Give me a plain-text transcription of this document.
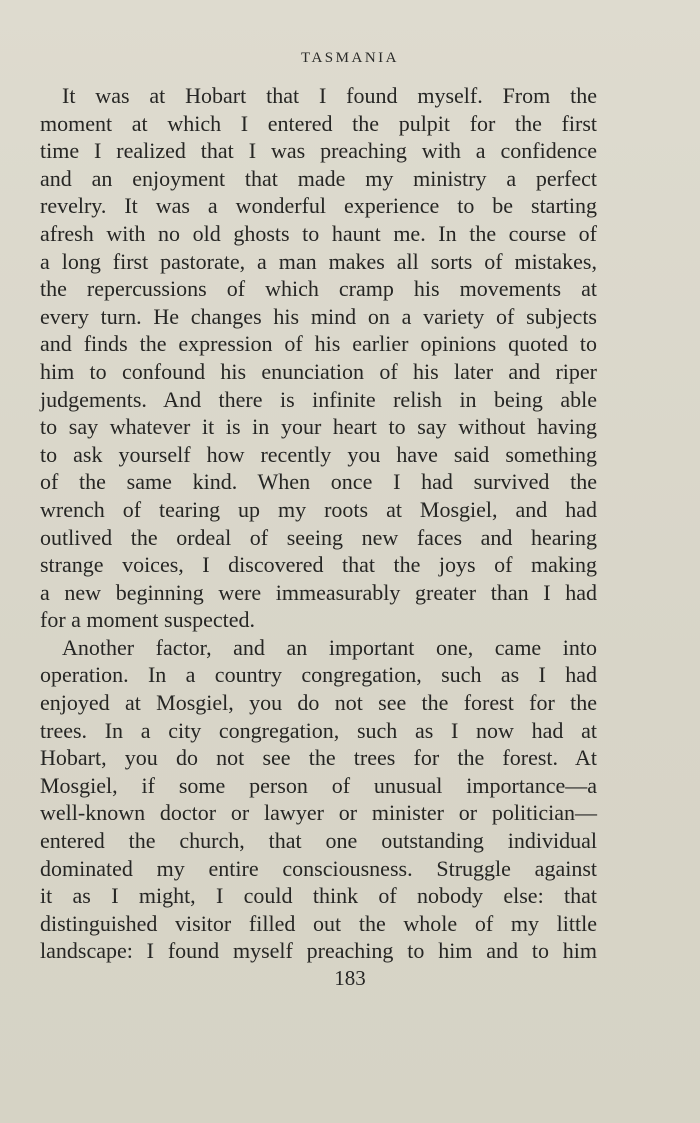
TASMANIA
It was at Hobart that I found myself. From the
moment at which I entered the pulpit for the first
time I realized that I was preaching with a confidence
and an enjoyment that made my ministry a perfect
revelry. It was a wonderful experience to be starting
afresh with no old ghosts to haunt me. In the course of
a long first pastorate, a man makes all sorts of mistakes,
the repercussions of which cramp his movements at
every turn. He changes his mind on a variety of subjects
and finds the expression of his earlier opinions quoted to
him to confound his enunciation of his later and riper
judgements. And there is infinite relish in being able
to say whatever it is in your heart to say without having
to ask yourself how recently you have said something
of the same kind. When once I had survived the
wrench of tearing up my roots at Mosgiel, and had
outlived the ordeal of seeing new faces and hearing
strange voices, I discovered that the joys of making
a new beginning were immeasurably greater than I had
for a moment suspected.
Another factor, and an important one, came into
operation. In a country congregation, such as I had
enjoyed at Mosgiel, you do not see the forest for the
trees. In a city congregation, such as I now had at
Hobart, you do not see the trees for the forest. At
Mosgiel, if some person of unusual importance—a
well-known doctor or lawyer or minister or politician—
entered the church, that one outstanding individual
dominated my entire consciousness. Struggle against
it as I might, I could think of nobody else: that
distinguished visitor filled out the whole of my little
landscape: I found myself preaching to him and to him
183
